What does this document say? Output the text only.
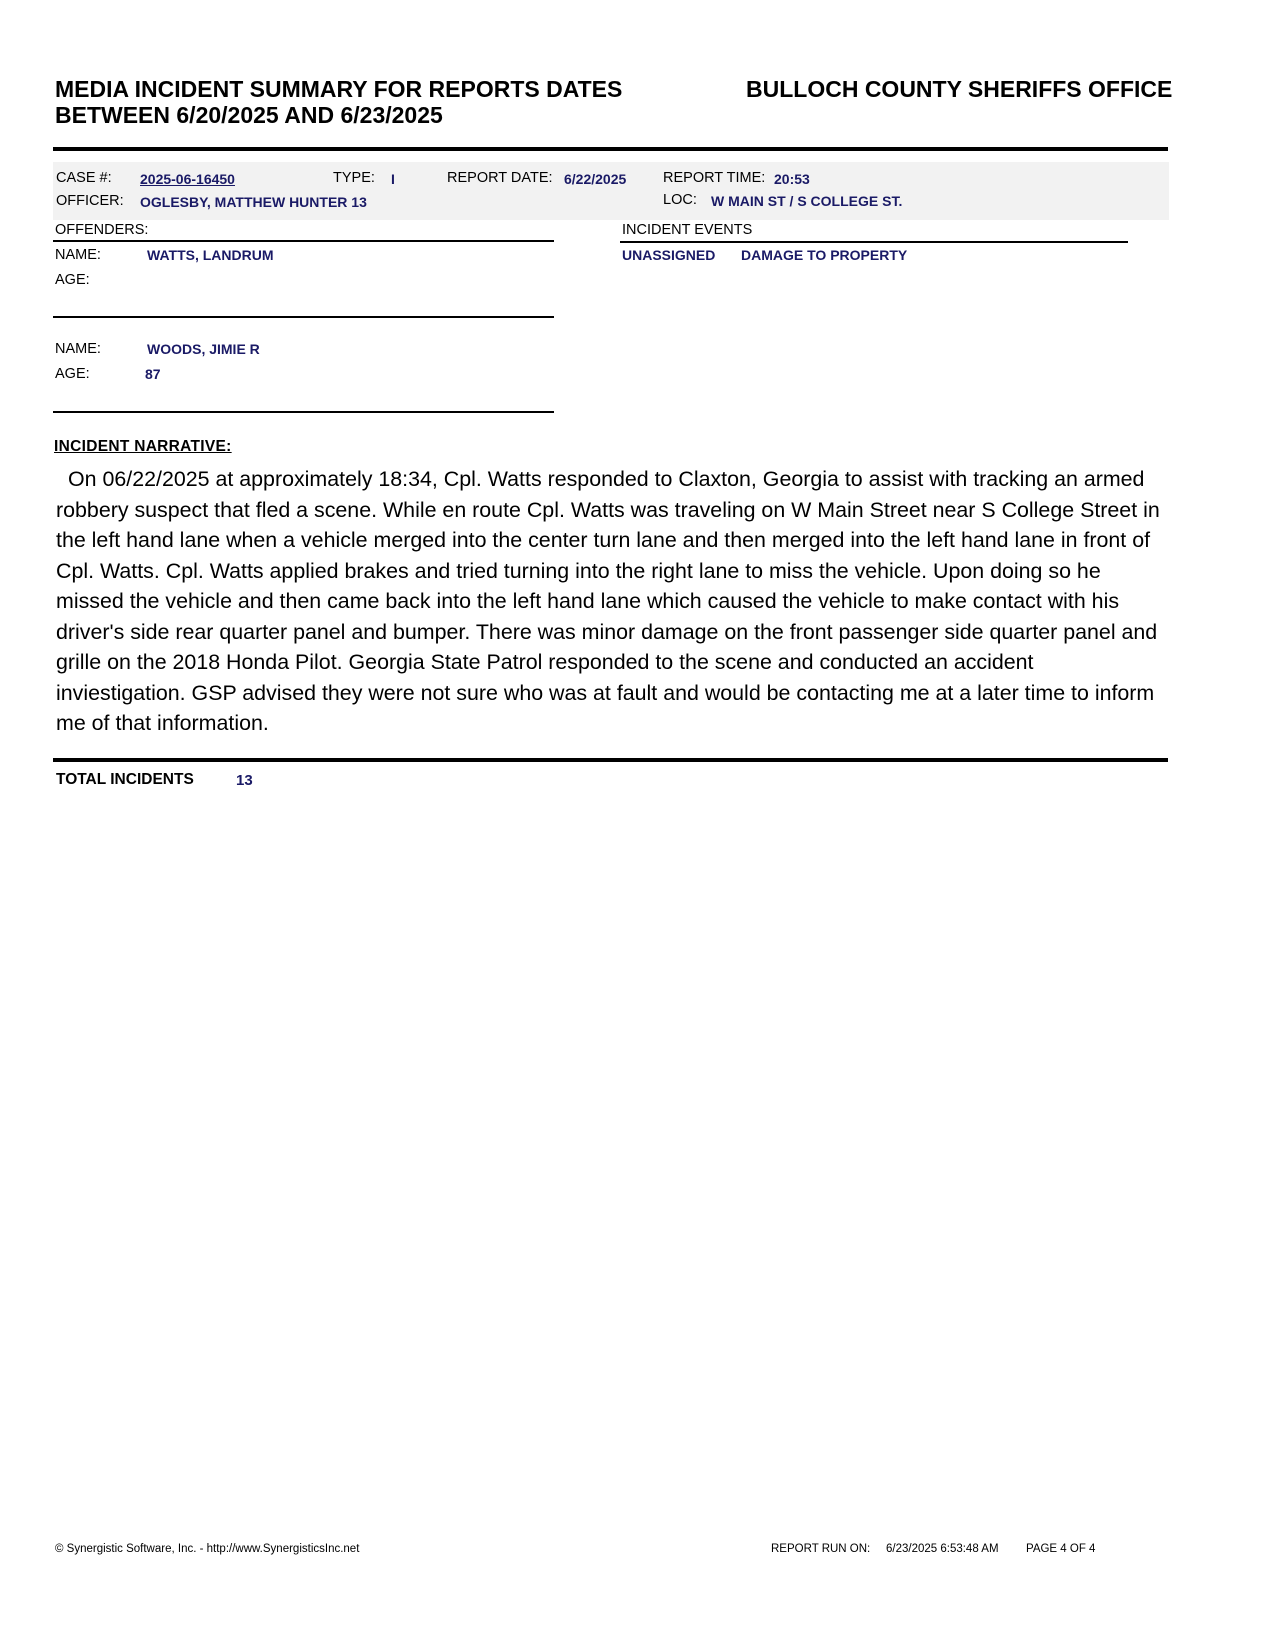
MEDIA INCIDENT SUMMARY FOR REPORTS DATES
BETWEEN 6/20/2025 AND 6/23/2025
BULLOCH COUNTY SHERIFFS OFFICE
CASE #: 2025-06-16450	TYPE: I	REPORT DATE: 6/22/2025	REPORT TIME: 20:53
OFFICER: OGLESBY, MATTHEW HUNTER 13	LOC: W MAIN ST / S COLLEGE ST.
OFFENDERS:
NAME:	WATTS, LANDRUM
AGE:
NAME:	WOODS, JIMIE R
AGE:	87
INCIDENT EVENTS
UNASSIGNED DAMAGE TO PROPERTY
INCIDENT NARRATIVE:
On 06/22/2025 at approximately 18:34, Cpl. Watts responded to Claxton, Georgia to assist with tracking an armed robbery suspect that fled a scene. While en route Cpl. Watts was traveling on W Main Street near S College Street in the left hand lane when a vehicle merged into the center turn lane and then merged into the left hand lane in front of Cpl. Watts. Cpl. Watts applied brakes and tried turning into the right lane to miss the vehicle. Upon doing so he missed the vehicle and then came back into the left hand lane which caused the vehicle to make contact with his driver's side rear quarter panel and bumper. There was minor damage on the front passenger side quarter panel and grille on the 2018 Honda Pilot. Georgia State Patrol responded to the scene and conducted an accident inviestigation. GSP advised they were not sure who was at fault and would be contacting me at a later time to inform me of that information.
TOTAL INCIDENTS	13
© Synergistic Software, Inc. - http://www.SynergisticsInc.net	REPORT RUN ON: 6/23/2025 6:53:48 AM PAGE 4 OF 4
